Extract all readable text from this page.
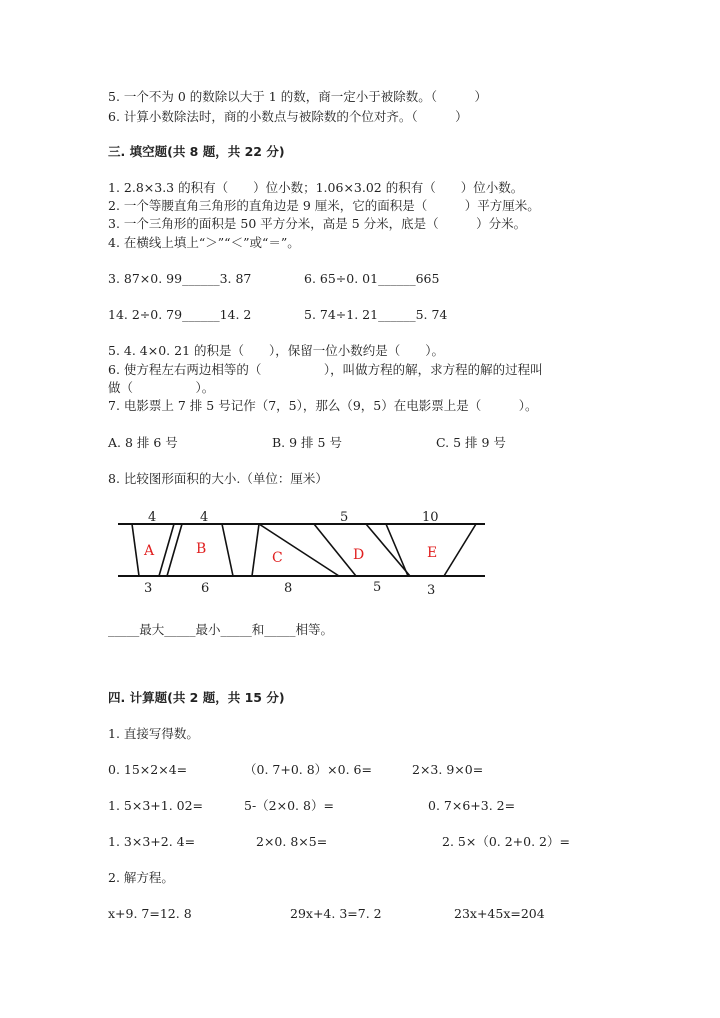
5. 一个不为 0 的数除以大于 1 的数，商一定小于被除数。（　　　）
6. 计算小数除法时，商的小数点与被除数的个位对齐。（　　　）
三. 填空题(共 8 题，共 22 分)
1. 2.8×3.3 的积有（　　）位小数；1.06×3.02 的积有（　　）位小数。
2. 一个等腰直角三角形的直角边是 9 厘米，它的面积是（　　　）平方厘米。
3. 一个三角形的面积是 50 平方分米，高是 5 分米，底是（　　　）分米。
4. 在横线上填上“＞”“＜”或“＝”。
3. 87×0. 99______3. 87	6. 65÷0. 01______665
14. 2÷0. 79______14. 2	5. 74÷1. 21______5. 74
5. 4. 4×0. 21 的积是（　　），保留一位小数约是（　　）。
6. 使方程左右两边相等的（　　　　　），叫做方程的解，求方程的解的过程叫
做（　　　　　）。
7. 电影票上 7 排 5 号记作（7，5），那么（9，5）在电影票上是（　　　）。
A. 8 排 6 号	B. 9 排 5 号	C. 5 排 9 号
8. 比较图形面积的大小.（单位：厘米）
4	4	5	10
3	6	8	5	3
A	B
C	D	E
_____最大_____最小_____和_____相等。
四. 计算题(共 2 题，共 15 分)
1. 直接写得数。
0. 15×2×4=	（0. 7+0. 8）×0. 6=	2×3. 9×0=
1. 5×3+1. 02=	5-（2×0. 8）=	0. 7×6+3. 2=
1. 3×3+2. 4=	2×0. 8×5=	2. 5×（0. 2+0. 2）=
2. 解方程。
x+9. 7=12. 8	29x+4. 3=7. 2	23x+45x=204
